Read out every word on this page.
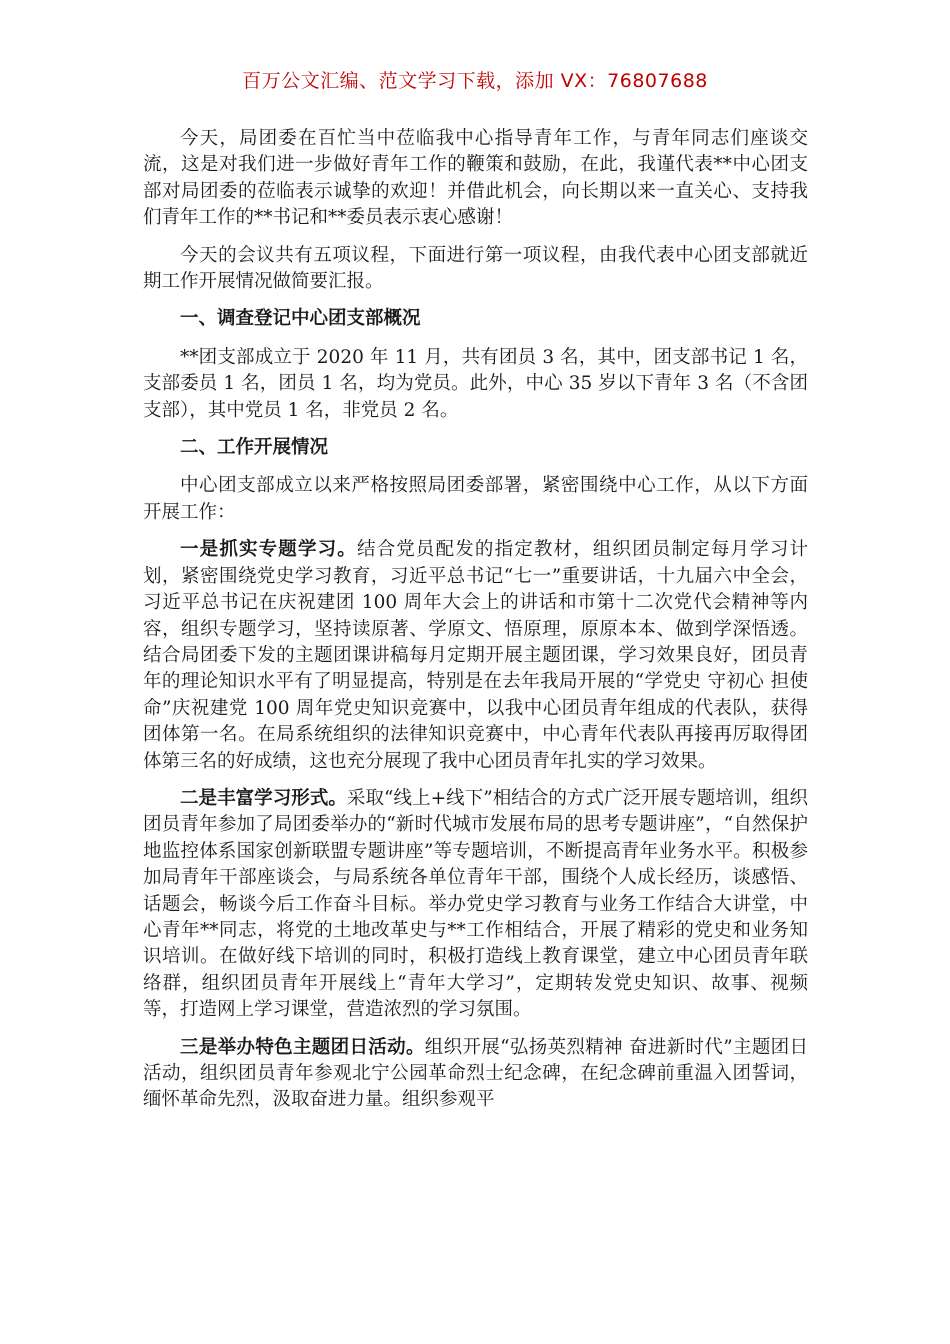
百万公文汇编、范文学习下载，添加 VX：76807688

今天，局团委在百忙当中莅临我中心指导青年工作，与青年同志们座谈交流，这是对我们进一步做好青年工作的鞭策和鼓励，在此，我谨代表**中心团支部对局团委的莅临表示诚挚的欢迎！并借此机会，向长期以来一直关心、支持我们青年工作的**书记和**委员表示衷心感谢！

今天的会议共有五项议程，下面进行第一项议程，由我代表中心团支部就近期工作开展情况做简要汇报。

一、调查登记中心团支部概况

**团支部成立于 2020 年 11 月，共有团员 3 名，其中，团支部书记 1 名，支部委员 1 名，团员 1 名，均为党员。此外，中心 35 岁以下青年 3 名（不含团支部），其中党员 1 名，非党员 2 名。

二、工作开展情况

中心团支部成立以来严格按照局团委部署，紧密围绕中心工作，从以下方面开展工作：

一是抓实专题学习。结合党员配发的指定教材，组织团员制定每月学习计划，紧密围绕党史学习教育，习近平总书记“七一”重要讲话，十九届六中全会，习近平总书记在庆祝建团 100 周年大会上的讲话和市第十二次党代会精神等内容，组织专题学习，坚持读原著、学原文、悟原理，原原本本、做到学深悟透。结合局团委下发的主题团课讲稿每月定期开展主题团课，学习效果良好，团员青年的理论知识水平有了明显提高，特别是在去年我局开展的“学党史 守初心 担使命”庆祝建党 100 周年党史知识竞赛中，以我中心团员青年组成的代表队，获得团体第一名。在局系统组织的法律知识竞赛中，中心青年代表队再接再厉取得团体第三名的好成绩，这也充分展现了我中心团员青年扎实的学习效果。

二是丰富学习形式。采取“线上+线下”相结合的方式广泛开展专题培训，组织团员青年参加了局团委举办的“新时代城市发展布局的思考专题讲座”，“自然保护地监控体系国家创新联盟专题讲座”等专题培训，不断提高青年业务水平。积极参加局青年干部座谈会，与局系统各单位青年干部，围绕个人成长经历，谈感悟、话题会，畅谈今后工作奋斗目标。举办党史学习教育与业务工作结合大讲堂，中心青年**同志，将党的土地改革史与**工作相结合，开展了精彩的党史和业务知识培训。在做好线下培训的同时，积极打造线上教育课堂，建立中心团员青年联络群，组织团员青年开展线上“青年大学习”，定期转发党史知识、故事、视频等，打造网上学习课堂，营造浓烈的学习氛围。

三是举办特色主题团日活动。组织开展“弘扬英烈精神 奋进新时代”主题团日活动，组织团员青年参观北宁公园革命烈士纪念碑，在纪念碑前重温入团誓词，缅怀革命先烈，汲取奋进力量。组织参观平
